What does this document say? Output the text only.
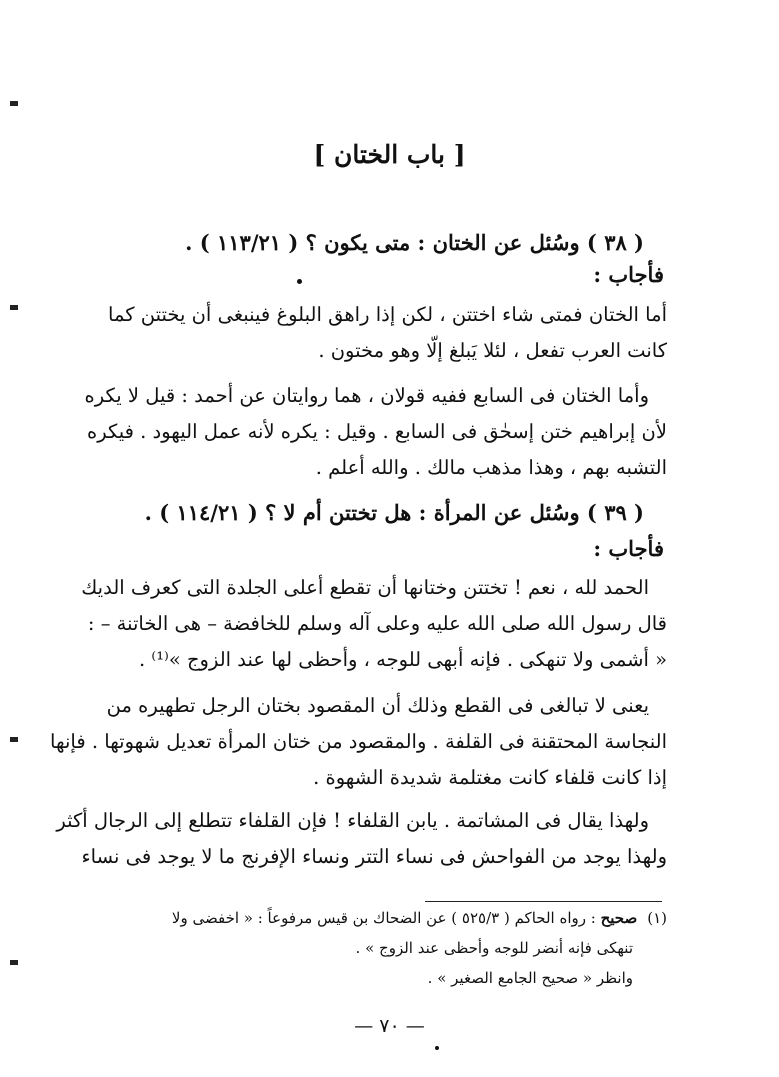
[ باب الختان ]
( ٣٨ ) وسُئل عن الختان : متى يكون ؟ ( ١١٣/٢١ ) .
فأجاب :
أما الختان فمتى شاء اختتن ، لكن إذا راهق البلوغ فينبغى أن يختتن كما
كانت العرب تفعل ، لئلا يَبلغ إلّا وهو مختون .
وأما الختان فى السابع ففيه قولان ، هما روايتان عن أحمد : قيل لا يكره
لأن إبراهيم ختن إسحٰق فى السابع . وقيل : يكره لأنه عمل اليهود . فيكره
التشبه بهم ، وهذا مذهب مالك . والله أعلم .
( ٣٩ ) وسُئل عن المرأة : هل تختتن أم لا ؟ ( ١١٤/٢١ ) .
فأجاب :
الحمد لله ، نعم ! تختتن وختانها أن تقطع أعلى الجلدة التى كعرف الديك
قال رسول الله صلى الله عليه وعلى آله وسلم للخافضة – هى الخاتنة – :
« أشمى ولا تنهكى . فإنه أبهى للوجه ، وأحظى لها عند الزوج »⁽¹⁾ .
يعنى لا تبالغى فى القطع وذلك أن المقصود بختان الرجل تطهيره من
النجاسة المحتقنة فى القلفة . والمقصود من ختان المرأة تعديل شهوتها . فإنها
إذا كانت قلفاء كانت مغتلمة شديدة الشهوة .
ولهذا يقال فى المشاتمة . يابن القلفاء ! فإن القلفاء تتطلع إلى الرجال أكثر
ولهذا يوجد من الفواحش فى نساء التتر ونساء الإفرنج ما لا يوجد فى نساء
(١)
صحيح : رواه الحاكم ( ٥٢٥/٣ ) عن الضحاك بن قيس مرفوعاً : « اخفضى ولا
تنهكى فإنه أنضر للوجه وأحظى عند الزوج » .
وانظر « صحيح الجامع الصغير » .
— ٧٠ —
